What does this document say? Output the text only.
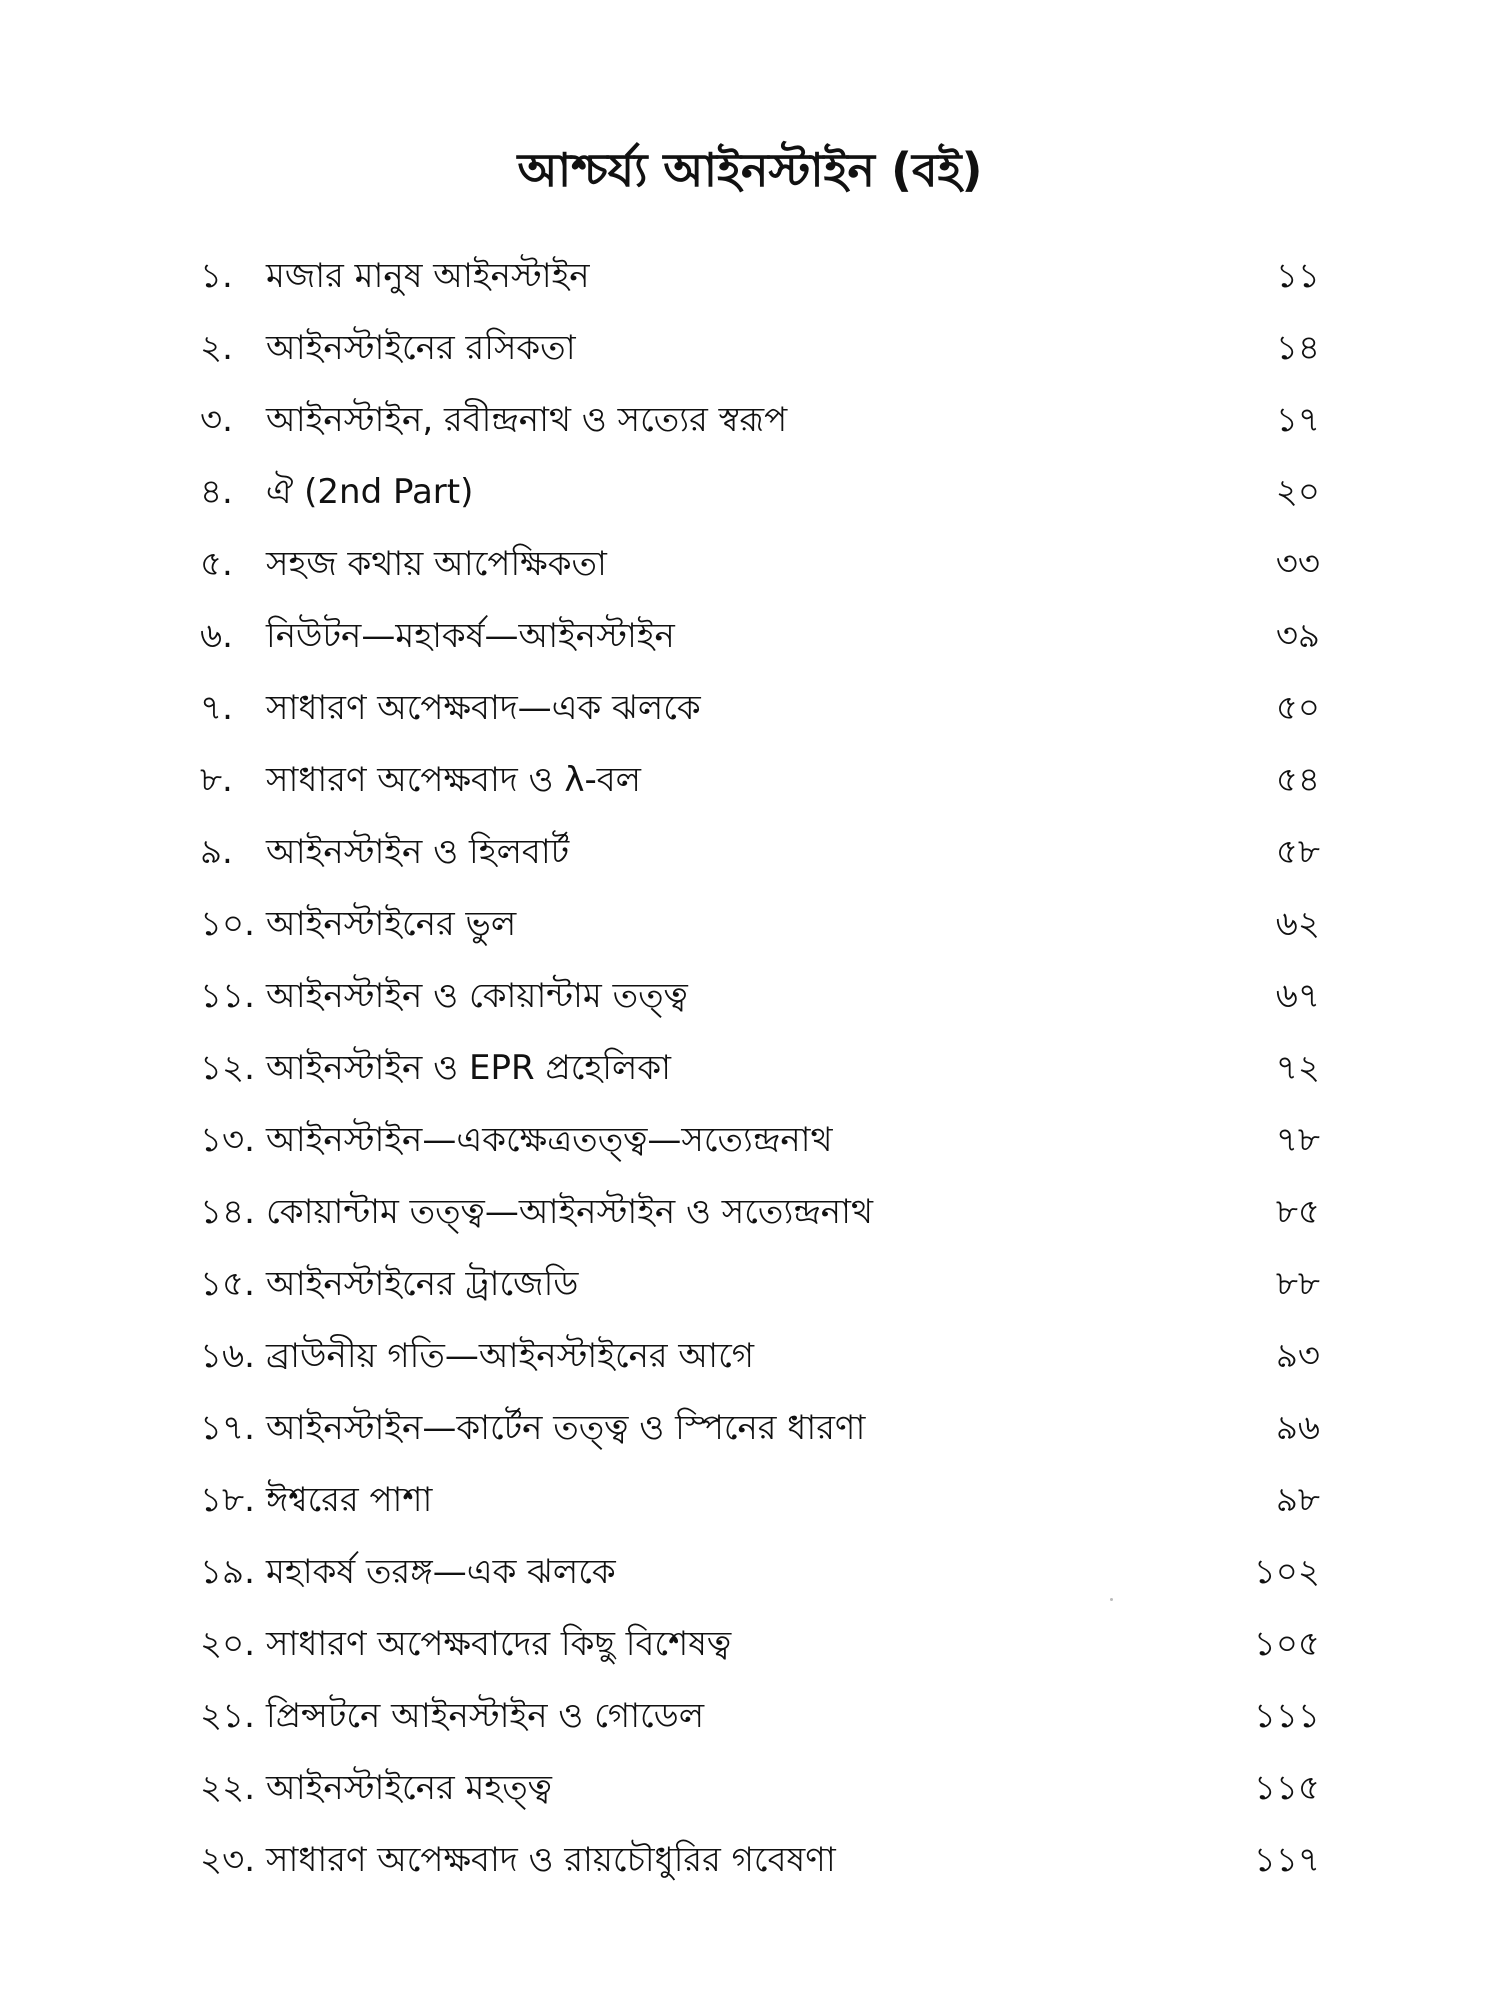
আশ্চর্য্য আইনস্টাইন (বই)
১. মজার মানুষ আইনস্টাইন	১১
২. আইনস্টাইনের রসিকতা	১৪
৩. আইনস্টাইন, রবীন্দ্রনাথ ও সত্যের স্বরূপ	১৭
৪. ঐ (2nd Part)	২০
৫. সহজ কথায় আপেক্ষিকতা	৩৩
৬. নিউটন—মহাকর্ষ—আইনস্টাইন	৩৯
৭. সাধারণ অপেক্ষবাদ—এক ঝলকে	৫০
৮. সাধারণ অপেক্ষবাদ ও λ-বল	৫৪
৯. আইনস্টাইন ও হিলবার্ট	৫৮
১০. আইনস্টাইনের ভুল	৬২
১১. আইনস্টাইন ও কোয়ান্টাম তত্ত্ব	৬৭
১২. আইনস্টাইন ও EPR প্রহেলিকা	৭২
১৩. আইনস্টাইন—একক্ষেত্রতত্ত্ব—সত্যেন্দ্রনাথ	৭৮
১৪. কোয়ান্টাম তত্ত্ব—আইনস্টাইন ও সত্যেন্দ্রনাথ	৮৫
১৫. আইনস্টাইনের ট্রাজেডি	৮৮
১৬. ব্রাউনীয় গতি—আইনস্টাইনের আগে	৯৩
১৭. আইনস্টাইন—কার্টেন তত্ত্ব ও স্পিনের ধারণা	৯৬
১৮. ঈশ্বরের পাশা	৯৮
১৯. মহাকর্ষ তরঙ্গ—এক ঝলকে	১০২
২০. সাধারণ অপেক্ষবাদের কিছু বিশেষত্ব	১০৫
২১. প্রিন্সটনে আইনস্টাইন ও গোডেল	১১১
২২. আইনস্টাইনের মহত্ত্ব	১১৫
২৩. সাধারণ অপেক্ষবাদ ও রায়চৌধুরির গবেষণা	১১৭
